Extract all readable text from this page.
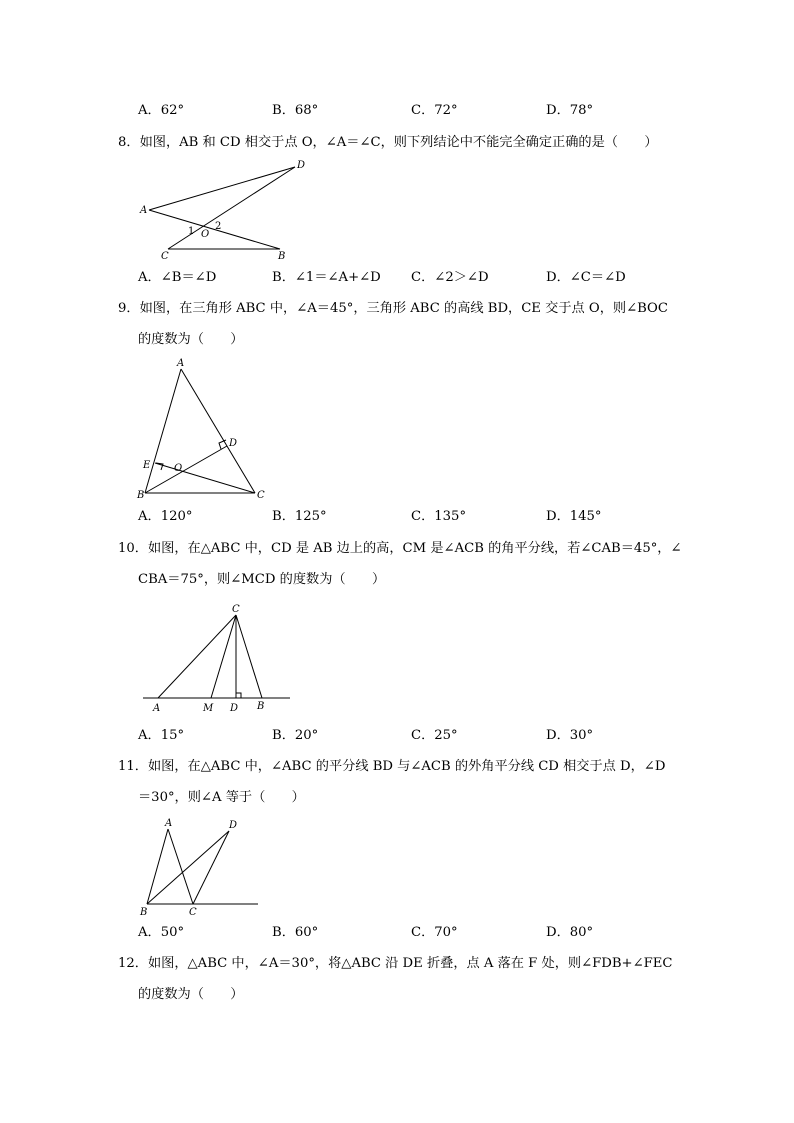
A．62°	B．68°	C．72°	D．78°
8．如图，AB 和 CD 相交于点 O，∠A＝∠C，则下列结论中不能完全确定正确的是（　　）
A
D
C	B
O
1 2
A．∠B＝∠D	B．∠1＝∠A+∠D C．∠2＞∠D	D．∠C＝∠D
9．如图，在三角形 ABC 中，∠A＝45°，三角形 ABC 的高线 BD，CE 交于点 O，则∠BOC
的度数为（　　）
A
B	C
D
E O
A．120°	B．125°	C．135°	D．145°
10．如图，在△ABC 中，CD 是 AB 边上的高，CM 是∠ACB 的角平分线，若∠CAB＝45°，∠
CBA＝75°，则∠MCD 的度数为（　　）
C
A	M D B
A．15°	B．20°	C．25°	D．30°
11．如图，在△ABC 中，∠ABC 的平分线 BD 与∠ACB 的外角平分线 CD 相交于点 D，∠D
＝30°，则∠A 等于（　　）
A	D
B	C
A．50°	B．60°	C．70°	D．80°
12．如图，△ABC 中，∠A＝30°，将△ABC 沿 DE 折叠，点 A 落在 F 处，则∠FDB+∠FEC
的度数为（　　）
